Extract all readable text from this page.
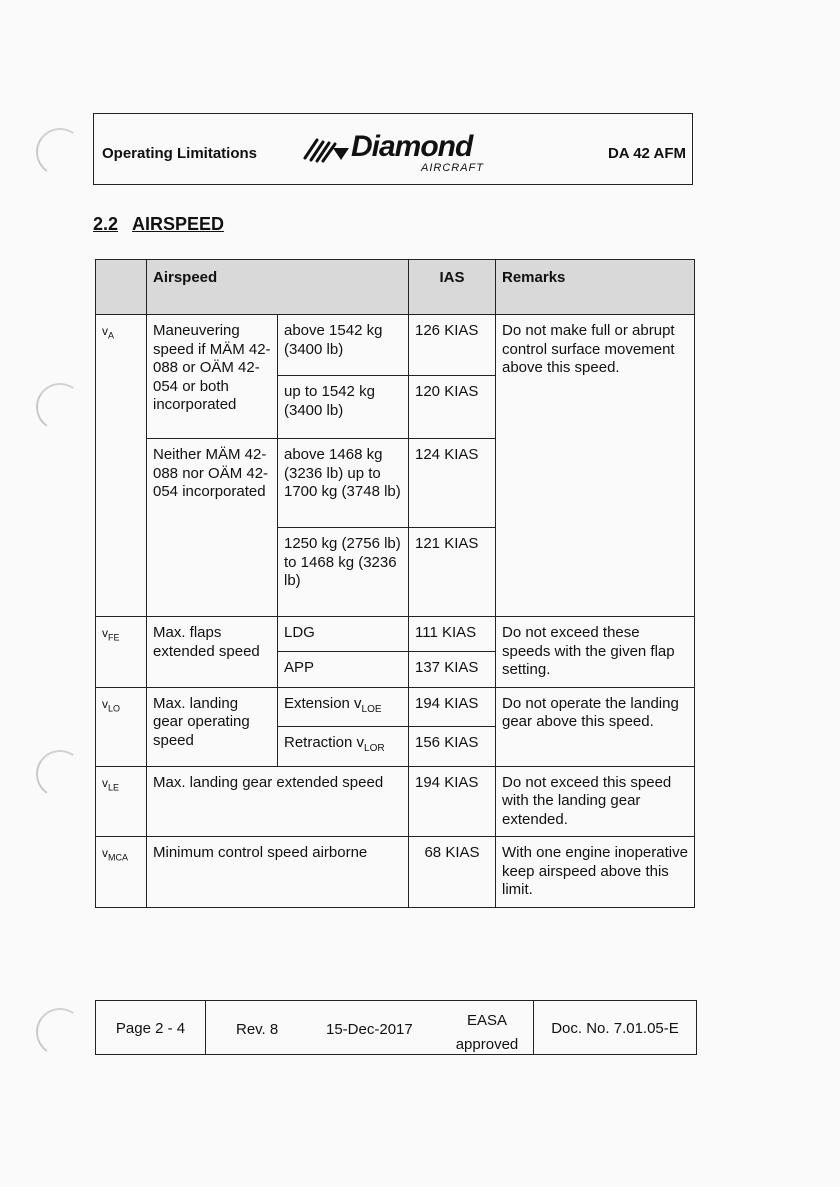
Operating Limitations	Diamond
AIRCRAFT
DA 42 AFM
2.2 AIRSPEED
	Airspeed		IAS	Remarks
$v_A$	Maneuvering speed if MÄM 42-088 or OÄM 42-054 or both incorporated	above 1542 kg (3400 lb)	126 KIAS	Do not make full or abrupt control surface movement above this speed.
		up to 1542 kg (3400 lb)	120 KIAS	
	Neither MÄM 42-088 nor OÄM 42-054 incorporated	above 1468 kg (3236 lb) up to 1700 kg (3748 lb)	124 KIAS	
		1250 kg (2756 lb) to 1468 kg (3236 lb)	121 KIAS	
$v_{FE}$	Max. flaps extended speed	LDG	111 KIAS	Do not exceed these speeds with the given flap setting.
		APP	137 KIAS	
$v_{LO}$	Max. landing gear operating speed	Extension $v_{LOE}$	194 KIAS	Do not operate the landing gear above this speed.
		Retraction $v_{LOR}$	156 KIAS	
$v_{LE}$	Max. landing gear extended speed		194 KIAS	Do not exceed this speed with the landing gear extended.
$v_{MCA}$	Minimum control speed airborne		68 KIAS	With one engine inoperative keep airspeed above this limit.
Page 2 - 4	Rev. 8	15-Dec-2017
EASA
approved
Doc. No. 7.01.05-E
